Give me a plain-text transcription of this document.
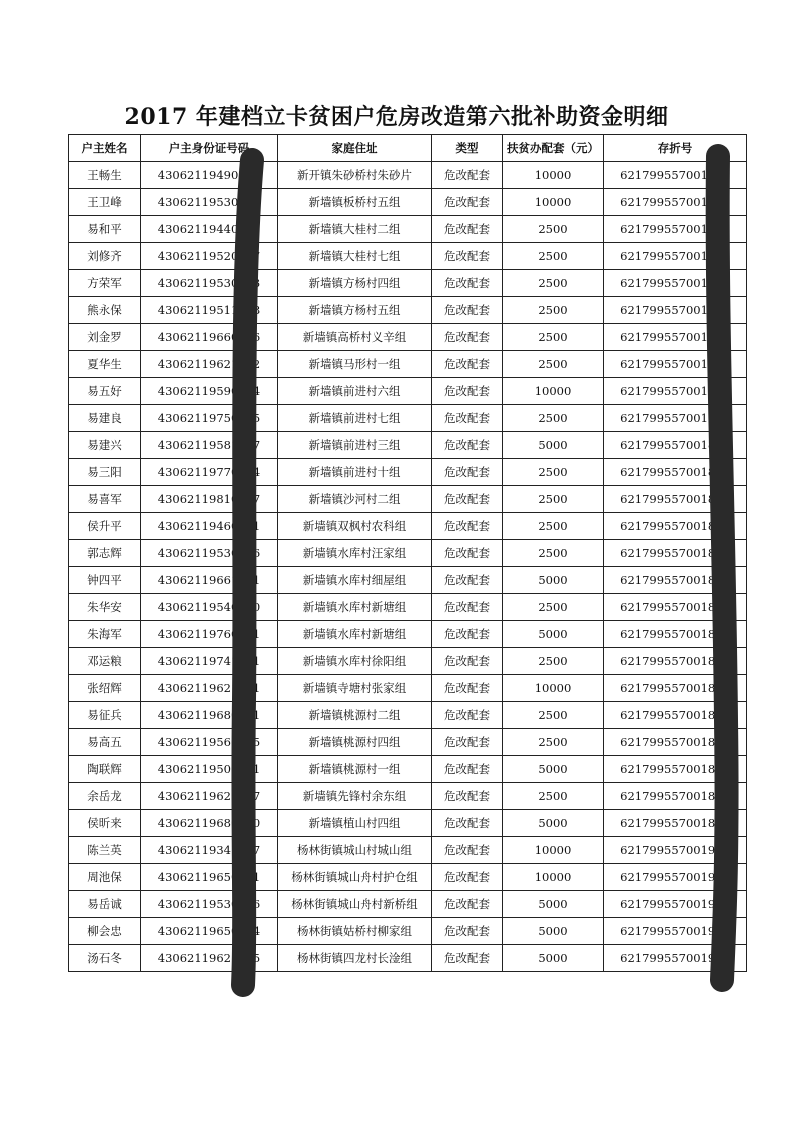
2017 年建档立卡贫困户危房改造第六批补助资金明细
户主姓名	户主身份证号码	家庭住址	类型	扶贫办配套（元）	存折号
王畅生	43062119490704	新开镇朱砂桥村朱砂片	危改配套	10000	621799557001867
王卫峰	43062119530107	新墙镇板桥村五组	危改配套	10000	621799557001865
易和平	43062119440405	新墙镇大桂村二组	危改配套	2500	621799557001865
刘修齐	43062119520617	新墙镇大桂村七组	危改配套	2500	621799557001865
方荣军	43062119530523	新墙镇方杨村四组	危改配套	2500	621799557001866
熊永保	43062119511128	新墙镇方杨村五组	危改配套	2500	621799557001866
刘金罗	43062119660326	新墙镇高桥村义辛组	危改配套	2500	621799557001865
夏华生	43062119621012	新墙镇马形村一组	危改配套	2500	621799557001866
易五好	43062119590414	新墙镇前进村六组	危改配套	10000	621799557001865
易建良	43062119750705	新墙镇前进村七组	危改配套	2500	621799557001865
易建兴	43062119581217	新墙镇前进村三组	危改配套	5000	621799557001865
易三阳	43062119770614	新墙镇前进村十组	危改配套	2500	621799557001866
易喜军	43062119810727	新墙镇沙河村二组	危改配套	2500	621799557001866
侯升平	43062119460701	新墙镇双枫村农科组	危改配套	2500	621799557001865
郭志辉	43062119530926	新墙镇水库村汪家组	危改配套	2500	621799557001865
钟四平	43062119661211	新墙镇水库村细屋组	危改配套	5000	621799557001865
朱华安	43062119540320	新墙镇水库村新塘组	危改配套	2500	621799557001866
朱海军	43062119760101	新墙镇水库村新塘组	危改配套	5000	621799557001865
邓运粮	43062119741011	新墙镇水库村徐阳组	危改配套	2500	621799557001865
张绍辉	43062119621011	新墙镇寺塘村张家组	危改配套	10000	621799557001866
易征兵	43062119680111	新墙镇桃源村二组	危改配套	2500	621799557001865
易高五	43062119560505	新墙镇桃源村四组	危改配套	2500	621799557001865
陶联辉	43062119500721	新墙镇桃源村一组	危改配套	5000	621799557001866
余岳龙	43062119620707	新墙镇先锋村余东组	危改配套	2500	621799557001865
侯昕来	43062119680210	新墙镇植山村四组	危改配套	5000	621799557001866
陈兰英	43062119341027	杨林街镇城山村城山组	危改配套	10000	621799557001904
周池保	43062119650401	杨林街镇城山舟村护仓组	危改配套	10000	621799557001904
易岳诚	43062119530826	杨林街镇城山舟村新桥组	危改配套	5000	621799557001904
柳会忠	43062119650814	杨林街镇姑桥村柳家组	危改配套	5000	621799557001905
汤石冬	43062119621105	杨林街镇四龙村长淦组	危改配套	5000	621799557001903
